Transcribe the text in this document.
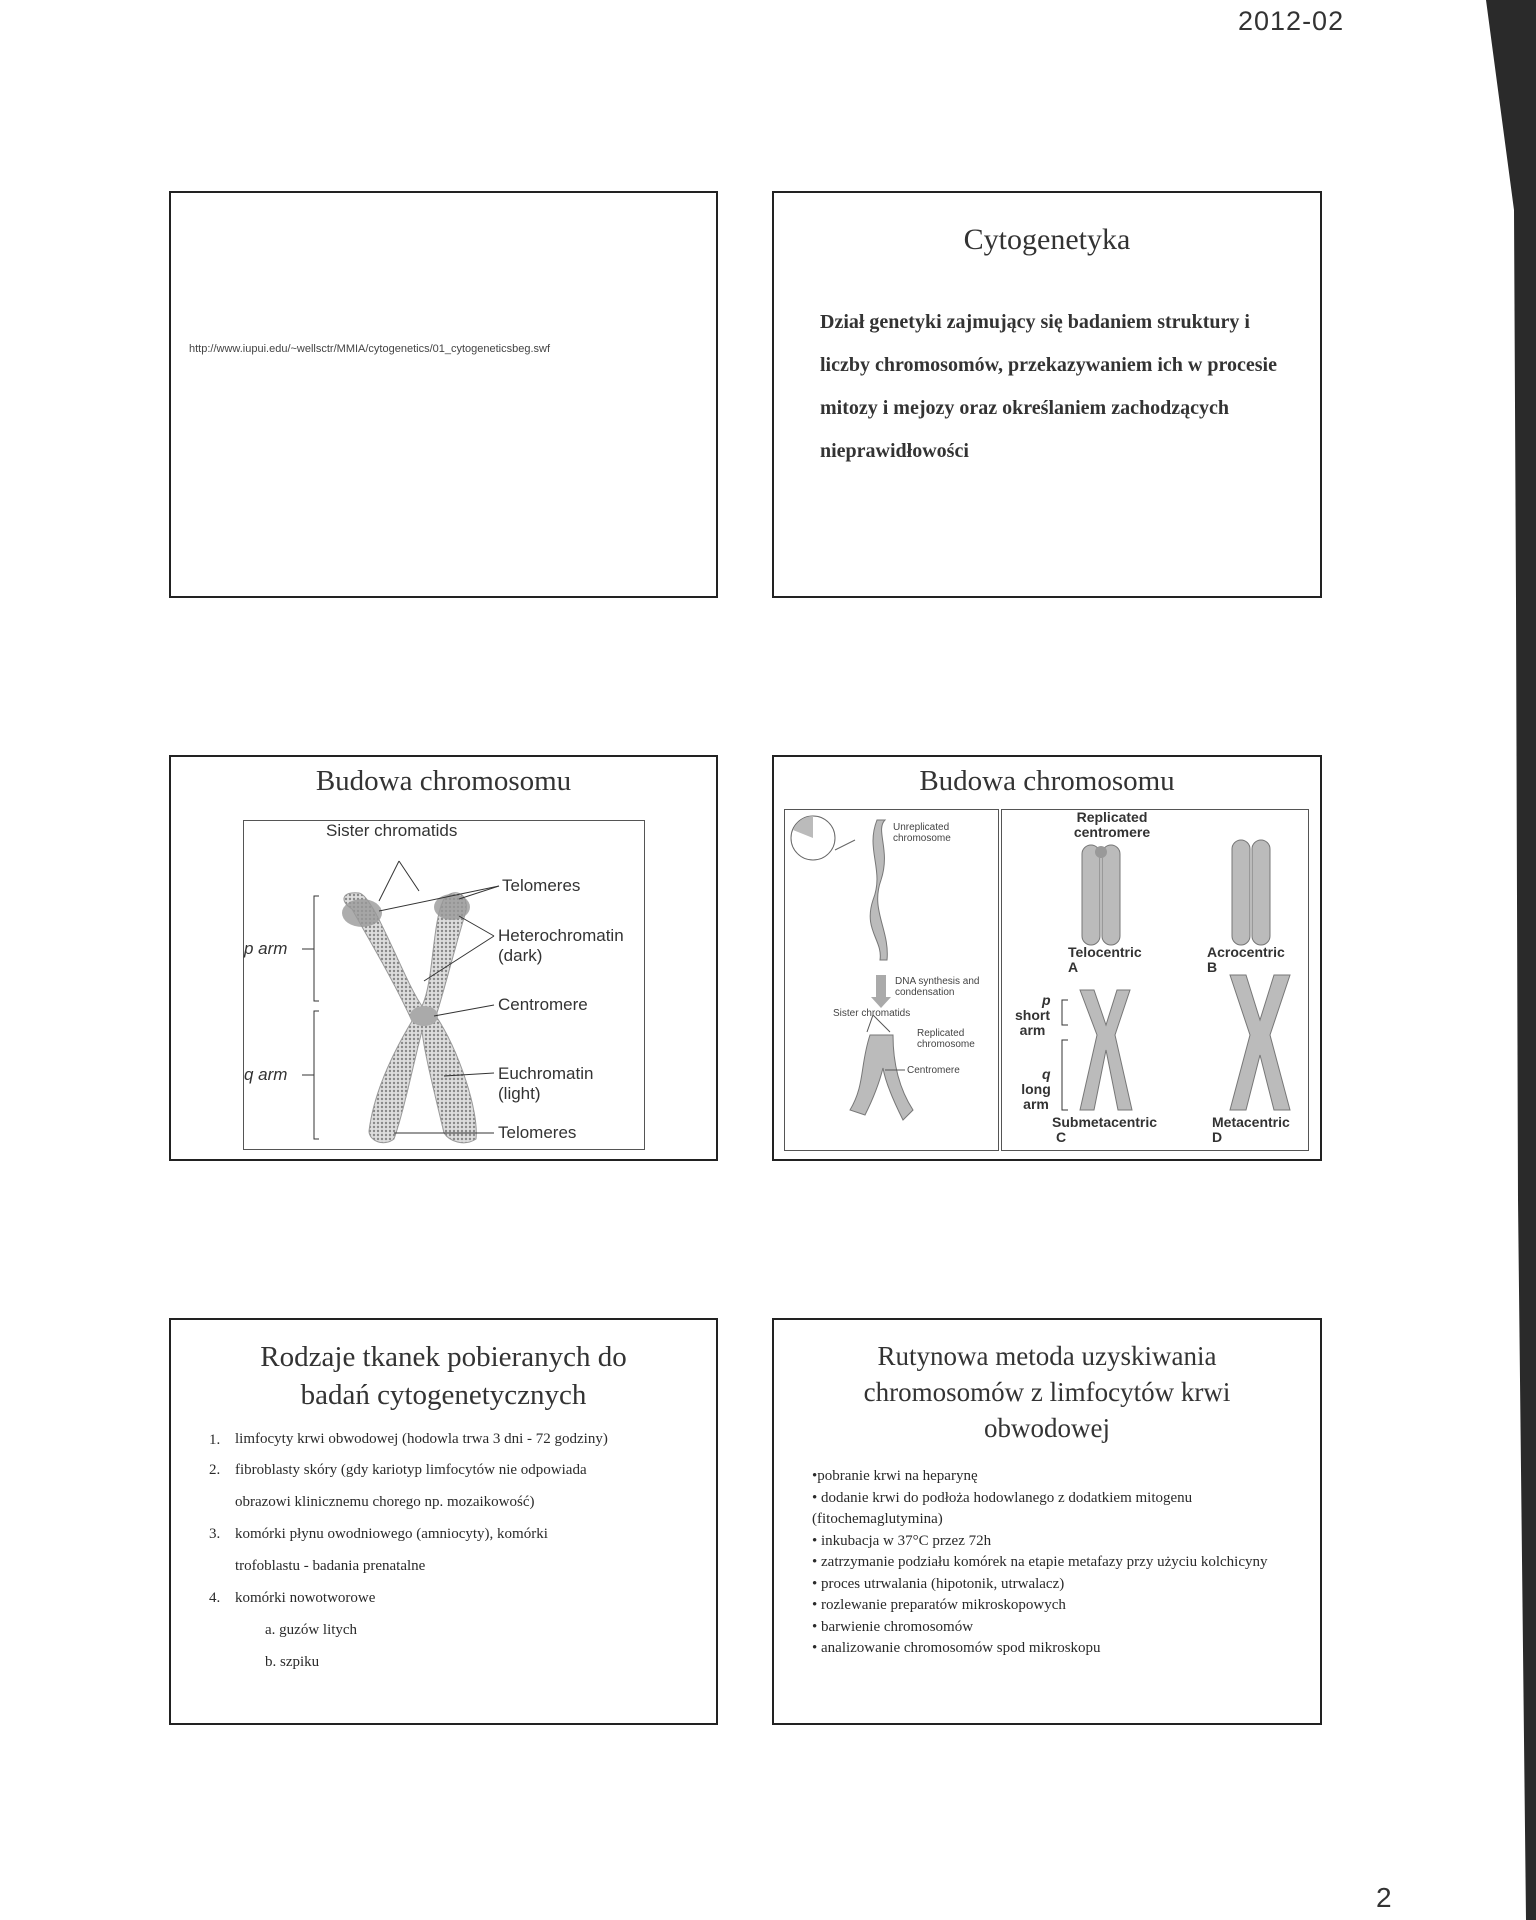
2012-02
2
http://www.iupui.edu/~wellsctr/MMIA/cytogenetics/01_cytogeneticsbeg.swf
Cytogenetyka
Dział genetyki zajmujący się badaniem struktury i liczby chromosomów, przekazywaniem ich w procesie mitozy i mejozy oraz określaniem zachodzących nieprawidłowości
Budowa chromosomu
Sister chromatids
Telomeres
Heterochromatin
(dark)
Centromere
Euchromatin
(light)
Telomeres
p arm
q arm
Budowa chromosomu
Unreplicated chromosome
DNA synthesis and condensation
Sister chromatids
Replicated chromosome
Centromere
Replicated centromere
Telocentric
A
Acrocentric
B
p
short arm
q
long arm
Submetacentric
C
Metacentric
D
Rodzaje tkanek pobieranych do
badań cytogenetycznych
1. limfocyty krwi obwodowej (hodowla trwa 3 dni - 72 godziny)
2. fibroblasty skóry (gdy kariotyp limfocytów nie odpowiada
obrazowi klinicznemu chorego np. mozaikowość)
3. komórki płynu owodniowego (amniocyty), komórki
trofoblastu - badania prenatalne
4. komórki nowotworowe
a. guzów litych
b. szpiku
Rutynowa metoda uzyskiwania
chromosomów z limfocytów krwi
obwodowej
•pobranie krwi na heparynę
• dodanie krwi do podłoża hodowlanego z dodatkiem mitogenu (fitochemaglutymina)
• inkubacja w 37°C przez 72h
• zatrzymanie podziału komórek na etapie metafazy przy użyciu kolchicyny
• proces utrwalania (hipotonik, utrwalacz)
• rozlewanie preparatów mikroskopowych
• barwienie chromosomów
• analizowanie chromosomów spod mikroskopu
